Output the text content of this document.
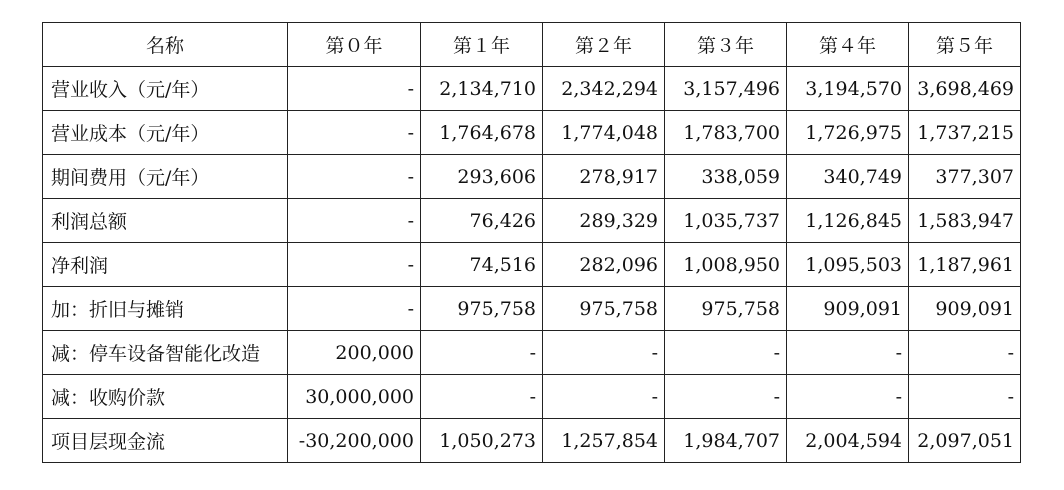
名称	第０年	第１年	第２年	第３年	第４年	第５年
营业收入（元/年）	-	2,134,710	2,342,294	3,157,496	3,194,570	3,698,469
营业成本（元/年）	-	1,764,678	1,774,048	1,783,700	1,726,975	1,737,215
期间费用（元/年）	-	293,606	278,917	338,059	340,749	377,307
利润总额	-	76,426	289,329	1,035,737	1,126,845	1,583,947
净利润	-	74,516	282,096	1,008,950	1,095,503	1,187,961
加：折旧与摊销	-	975,758	975,758	975,758	909,091	909,091
减：停车设备智能化改造	200,000	-	-	-	-	-
减：收购价款	30,000,000	-	-	-	-	-
项目层现金流	-30,200,000	1,050,273	1,257,854	1,984,707	2,004,594	2,097,051
